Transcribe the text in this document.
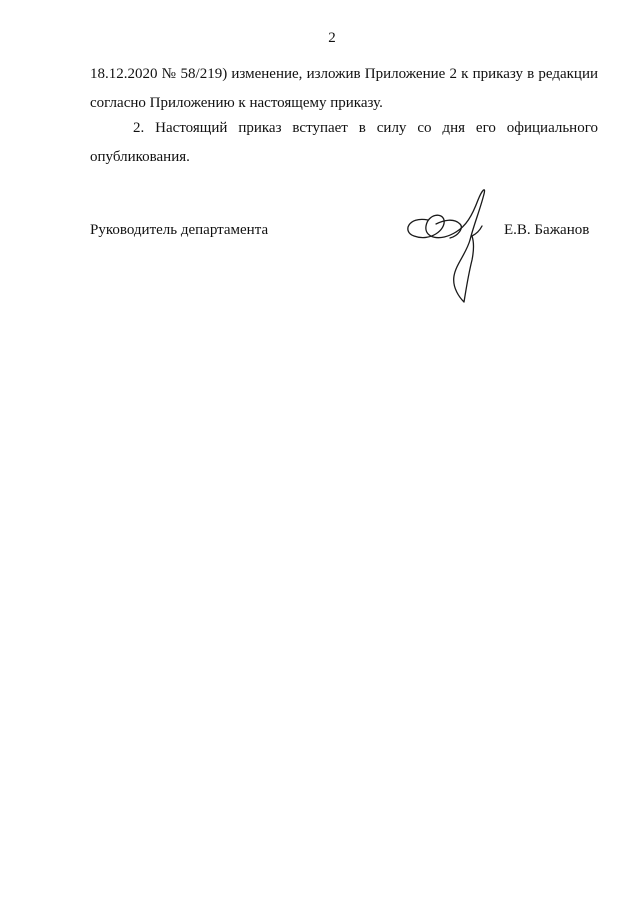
2

18.12.2020 № 58/219) изменение, изложив Приложение 2 к приказу в редакции согласно Приложению к настоящему приказу.

2. Настоящий приказ вступает в силу со дня его официального опубликования.

Руководитель департамента	Е.В. Бажанов
